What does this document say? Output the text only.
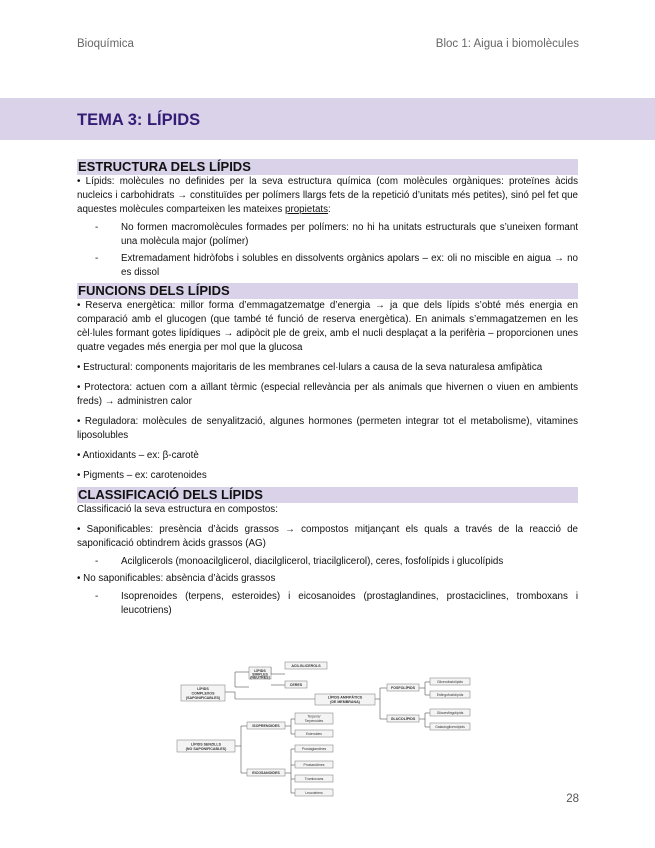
Bioquímica	Bloc 1: Aigua i biomolècules
TEMA 3: LÍPIDS
ESTRUCTURA DELS LÍPIDS

• Lípids: molècules no definides per la seva estructura química (com molècules orgàniques: proteïnes àcids nucleics i carbohidrats → constituïdes per polímers llargs fets de la repetició d’unitats més petites), sinó pel fet que aquestes molècules comparteixen les mateixes propietats:

- No formen macromolècules formades per polímers: no hi ha unitats estructurals que s’uneixen formant una molècula major (polímer)
- Extremadament hidròfobs i solubles en dissolvents orgànics apolars – ex: oli no miscible en aigua → no es dissol
FUNCIONS DELS LÍPIDS

• Reserva energètica: millor forma d’emmagatzematge d’energia → ja que dels lípids s’obté més energia en comparació amb el glucogen (que també té funció de reserva energètica). En animals s’emmagatzemen en les cèl·lules formant gotes lipídiques → adipòcit ple de greix, amb el nucli desplaçat a la perifèria – proporcionen unes quatre vegades més energia per mol que la glucosa

• Estructural: components majoritaris de les membranes cel·lulars a causa de la seva naturalesa amfipàtica

• Protectora: actuen com a aïllant tèrmic (especial rellevància per als animals que hivernen o viuen en ambients freds) → administren calor

• Reguladora: molècules de senyalització, algunes hormones (permeten integrar tot el metabolisme), vitamines liposolubles

• Antioxidants – ex: β-carotè

• Pigments – ex: carotenoides

CLASSIFICACIÓ DELS LÍPIDS

Classificació la seva estructura en compostos:

• Saponificables: presència d’àcids grassos → compostos mitjançant els quals a través de la reacció de saponificació obtindrem àcids grassos (AG)

- Acilglicerols (monoacilglicerol, diacilglicerol, triacilglicerol), ceres, fosfolípids i glucolípids

• No saponificables: absència d’àcids grassos

- Isoprenoides (terpens, esteroides) i eicosanoides (prostaglandines, prostaciclines, tromboxans i leucotriens)
LÍPIDS
COMPLEXOS
(SAPONIFICABLES)
LÍPIDS
SIMPLES
(NEUTRES)
ACILGLICEROLS
CERES
LÍPIDS AMFIPÀTICS
(DE MEMBRANA)
FOSFOLÍPIDS
GLUCOLÍPIDS
LÍPIDS SENZILLS
(NO SAPONIFICABLES)
ISOPRENOIDES
EICOSANOIDES
Glicerofosfolípids
Esfingofosfolípids
Glicoesfingolípids
Galactoglicerolípids
Terpens/
Terpenoides
Esteroides
Prostaglandines
Prostaciclines
Tromboxans
Leucotriens	28
